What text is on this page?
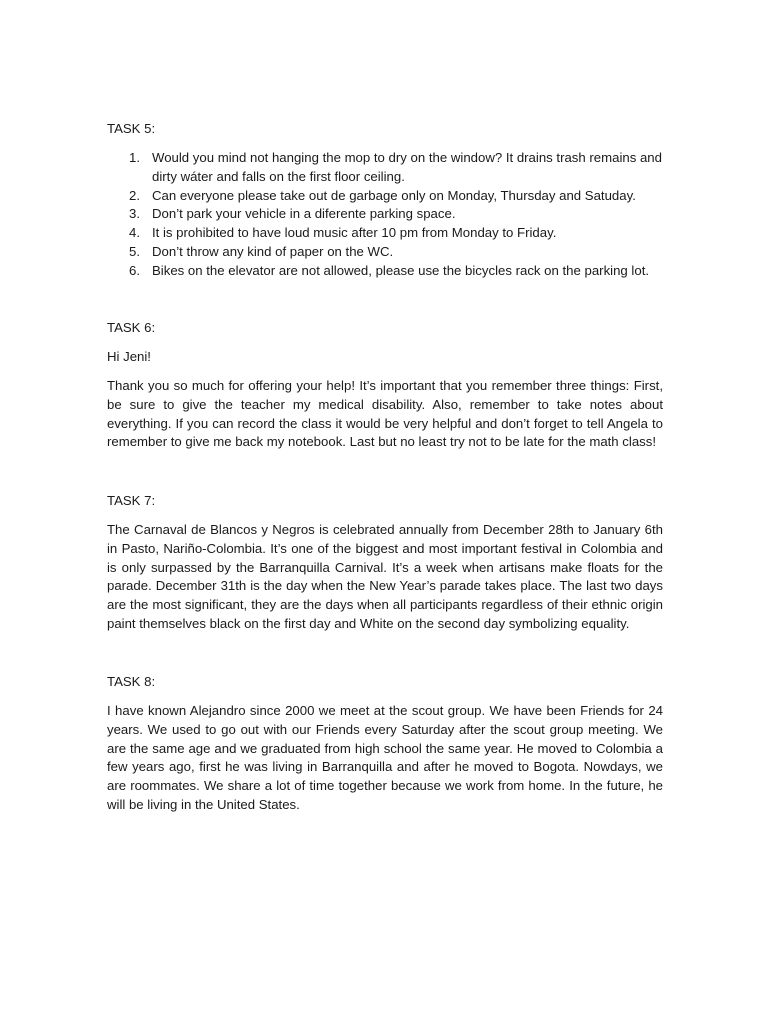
TASK 5:
1. Would you mind not hanging the mop to dry on the window? It drains trash remains and dirty wáter and falls on the first floor ceiling.
2. Can everyone please take out de garbage only on Monday, Thursday and Satuday.
3. Don’t park your vehicle in a diferente parking space.
4. It is prohibited to have loud music after 10 pm from Monday to Friday.
5. Don’t throw any kind of paper on the WC.
6. Bikes on the elevator are not allowed, please use the bicycles rack on the parking lot.
TASK 6:
Hi Jeni!
Thank you so much for offering your help! It’s important that you remember three things: First, be sure to give the teacher my medical disability. Also, remember to take notes about everything. If you can record the class it would be very helpful and don’t forget to tell Angela to remember to give me back my notebook. Last but no least try not to be late for the math class!
TASK 7:
The Carnaval de Blancos y Negros is celebrated annually from December 28th to January 6th in Pasto, Nariño-Colombia. It’s one of the biggest and most important festival in Colombia and is only surpassed by the Barranquilla Carnival. It’s a week when artisans make floats for the parade. December 31th is the day when the New Year’s parade takes place. The last two days are the most significant, they are the days when all participants regardless of their ethnic origin paint themselves black on the first day and White on the second day symbolizing equality.
TASK 8:
I have known Alejandro since 2000 we meet at the scout group. We have been Friends for 24 years. We used to go out with our Friends every Saturday after the scout group meeting. We are the same age and we graduated from high school the same year. He moved to Colombia a few years ago, first he was living in Barranquilla and after he moved to Bogota. Nowdays, we are roommates. We share a lot of time together because we work from home. In the future, he will be living in the United States.
